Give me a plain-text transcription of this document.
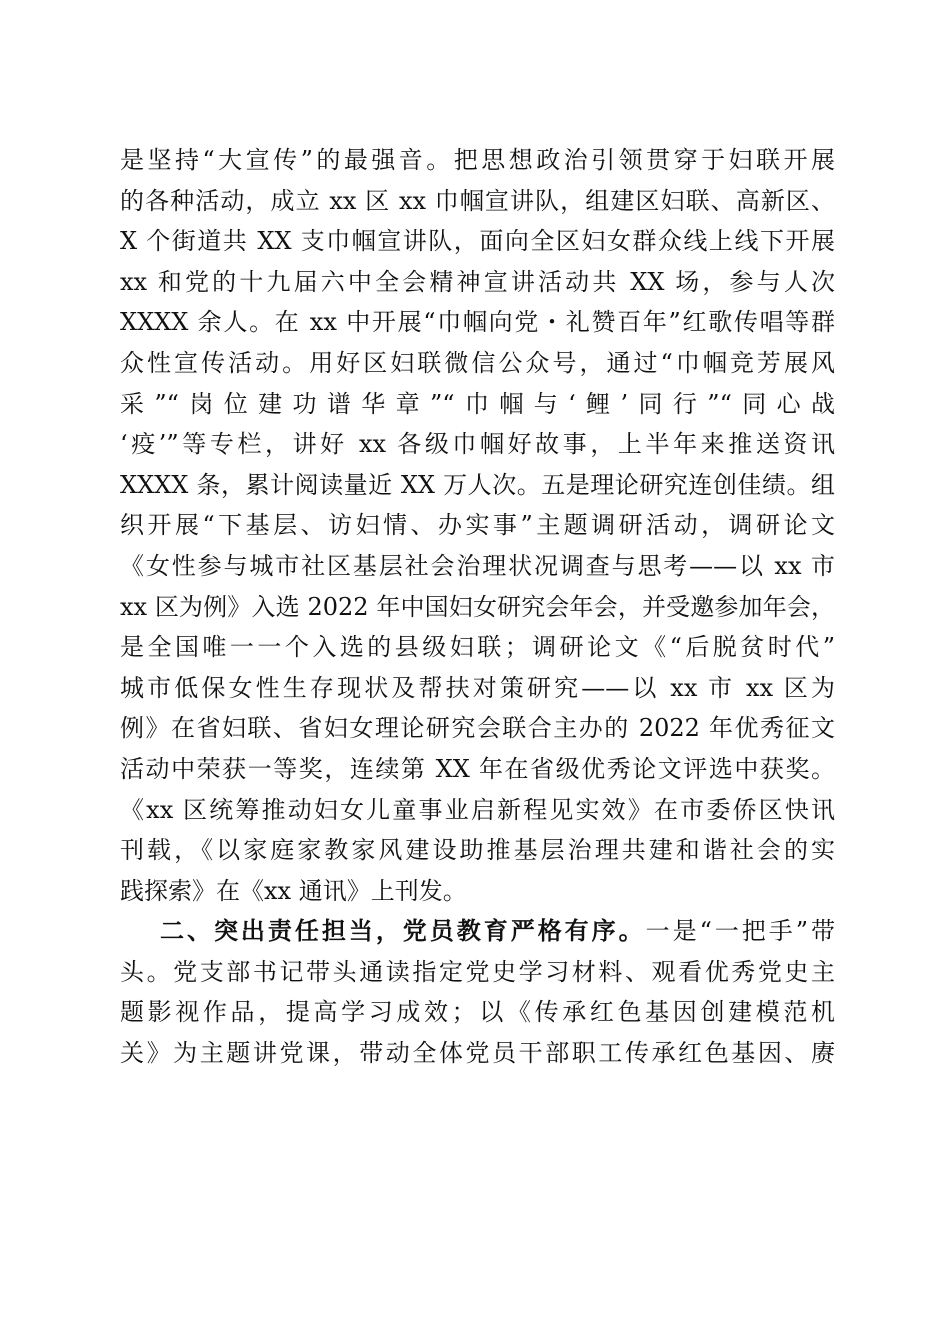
是坚持“大宣传”的最强音。把思想政治引领贯穿于妇联开展
的各种活动，成立 xx 区 xx 巾帼宣讲队，组建区妇联、高新区、
X 个街道共 XX 支巾帼宣讲队，面向全区妇女群众线上线下开展
xx 和党的十九届六中全会精神宣讲活动共 XX 场，参与人次
XXXX 余人。在 xx 中开展“巾帼向党・礼赞百年”红歌传唱等群
众性宣传活动。用好区妇联微信公众号，通过“巾帼竞芳展风
采”“岗位建功谱华章”“巾帼与‘鲤’同行”“同心战
‘疫’”等专栏，讲好 xx 各级巾帼好故事，上半年来推送资讯
XXXX 条，累计阅读量近 XX 万人次。五是理论研究连创佳绩。组
织开展“下基层、访妇情、办实事”主题调研活动，调研论文
《女性参与城市社区基层社会治理状况调查与思考——以 xx 市
xx 区为例》入选 2022 年中国妇女研究会年会，并受邀参加年会，
是全国唯一一个入选的县级妇联；调研论文《“后脱贫时代”
城市低保女性生存现状及帮扶对策研究——以 xx 市 xx 区为
例》在省妇联、省妇女理论研究会联合主办的 2022 年优秀征文
活动中荣获一等奖，连续第 XX 年在省级优秀论文评选中获奖。
《xx 区统筹推动妇女儿童事业启新程见实效》在市委侨区快讯
刊载，《以家庭家教家风建设助推基层治理共建和谐社会的实
践探索》在《xx 通讯》上刊发。
二、突出责任担当，党员教育严格有序。一是“一把手”带
头。党支部书记带头通读指定党史学习材料、观看优秀党史主
题影视作品，提高学习成效；以《传承红色基因创建模范机
关》为主题讲党课，带动全体党员干部职工传承红色基因、赓
